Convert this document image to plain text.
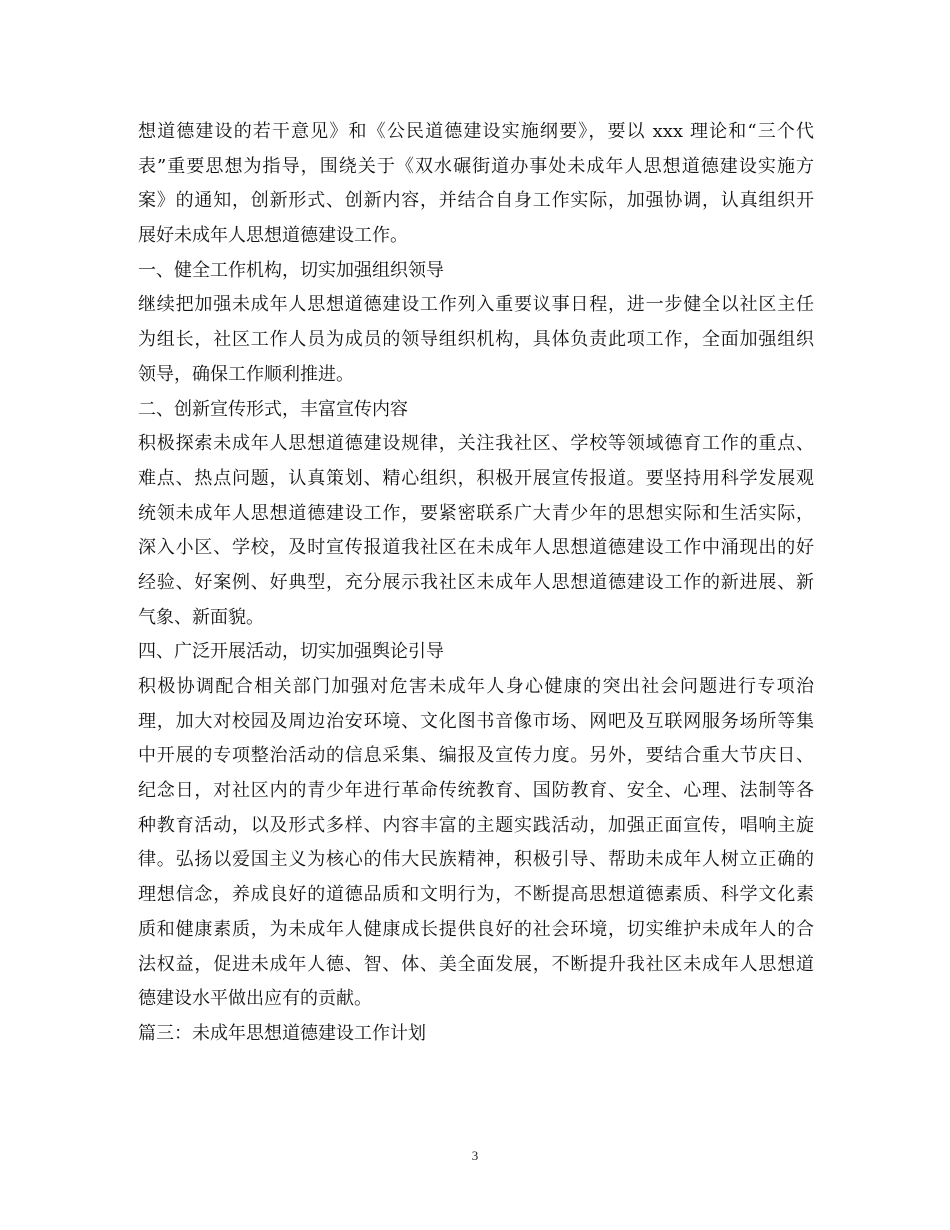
想道德建设的若干意见》和《公民道德建设实施纲要》，要以 xxx 理论和“三个代
表”重要思想为指导，围绕关于《双水碾街道办事处未成年人思想道德建设实施方
案》的通知，创新形式、创新内容，并结合自身工作实际，加强协调，认真组织开
展好未成年人思想道德建设工作。
一、健全工作机构，切实加强组织领导
继续把加强未成年人思想道德建设工作列入重要议事日程，进一步健全以社区主任
为组长，社区工作人员为成员的领导组织机构，具体负责此项工作，全面加强组织
领导，确保工作顺利推进。
二、创新宣传形式，丰富宣传内容
积极探索未成年人思想道德建设规律，关注我社区、学校等领域德育工作的重点、
难点、热点问题，认真策划、精心组织，积极开展宣传报道。要坚持用科学发展观
统领未成年人思想道德建设工作，要紧密联系广大青少年的思想实际和生活实际，
深入小区、学校，及时宣传报道我社区在未成年人思想道德建设工作中涌现出的好
经验、好案例、好典型，充分展示我社区未成年人思想道德建设工作的新进展、新
气象、新面貌。
四、广泛开展活动，切实加强舆论引导
积极协调配合相关部门加强对危害未成年人身心健康的突出社会问题进行专项治
理，加大对校园及周边治安环境、文化图书音像市场、网吧及互联网服务场所等集
中开展的专项整治活动的信息采集、编报及宣传力度。另外，要结合重大节庆日、
纪念日，对社区内的青少年进行革命传统教育、国防教育、安全、心理、法制等各
种教育活动，以及形式多样、内容丰富的主题实践活动，加强正面宣传，唱响主旋
律。弘扬以爱国主义为核心的伟大民族精神，积极引导、帮助未成年人树立正确的
理想信念，养成良好的道德品质和文明行为，不断提高思想道德素质、科学文化素
质和健康素质，为未成年人健康成长提供良好的社会环境，切实维护未成年人的合
法权益，促进未成年人德、智、体、美全面发展，不断提升我社区未成年人思想道
德建设水平做出应有的贡献。
篇三：未成年思想道德建设工作计划
3
